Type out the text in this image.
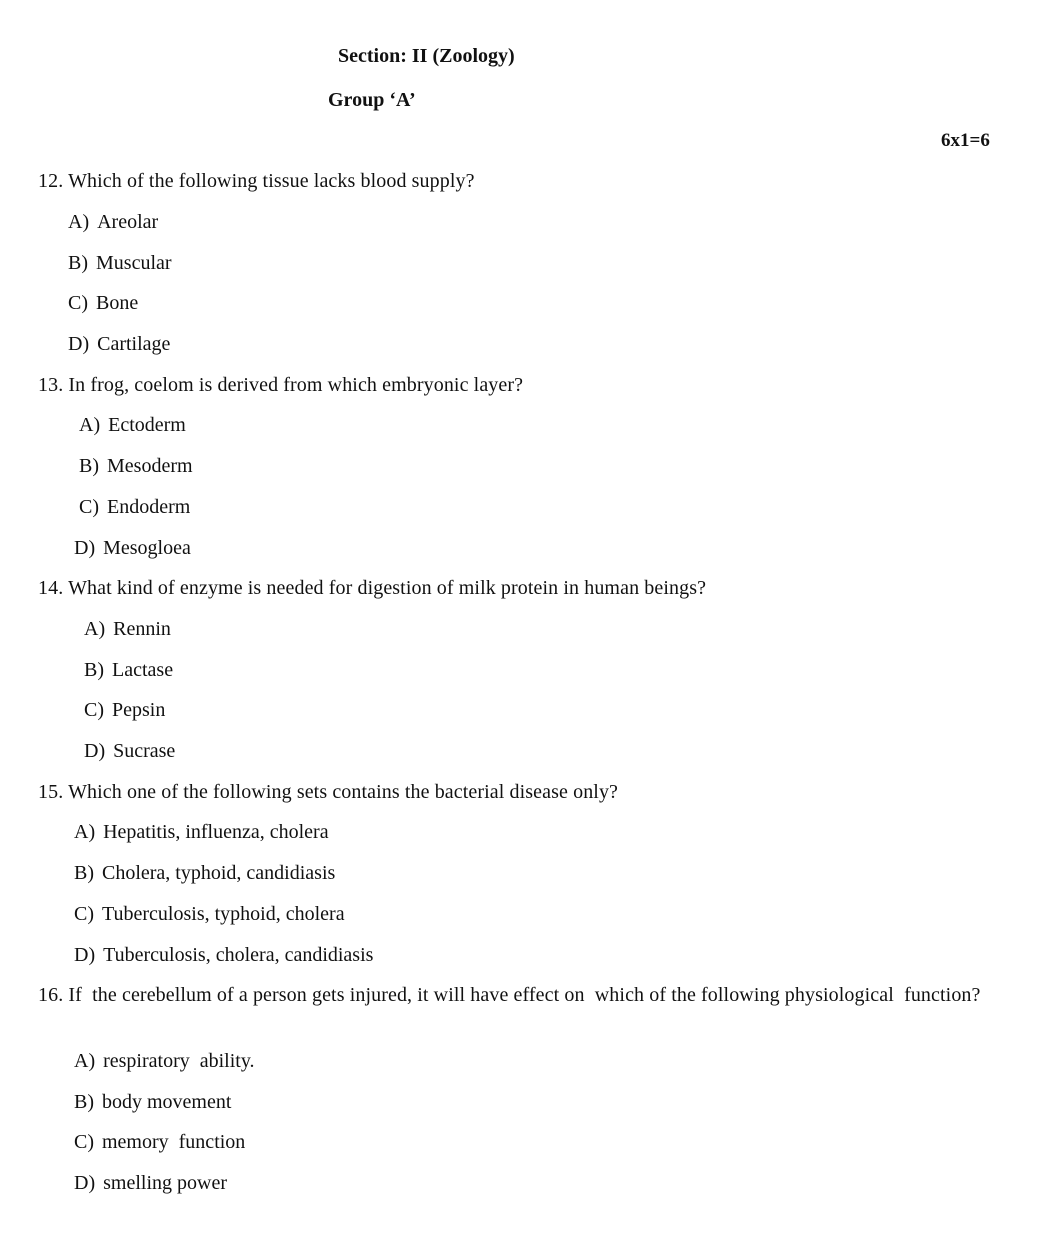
Section: II (Zoology)
Group ‘A’
6x1=6
12. Which of the following tissue lacks blood supply?
A) Areolar
B) Muscular
C) Bone
D) Cartilage
13. In frog, coelom is derived from which embryonic layer?
A) Ectoderm
B) Mesoderm
C) Endoderm
D) Mesogloea
14. What kind of enzyme is needed for digestion of milk protein in human beings?
A) Rennin
B) Lactase
C) Pepsin
D) Sucrase
15. Which one of the following sets contains the bacterial disease only?
A) Hepatitis, influenza, cholera
B) Cholera, typhoid, candidiasis
C) Tuberculosis, typhoid, cholera
D) Tuberculosis, cholera, candidiasis
16. If  the cerebellum of a person gets injured, it will have effect on  which of the following physiological  function?
A) respiratory  ability.
B) body movement
C) memory  function
D) smelling power
